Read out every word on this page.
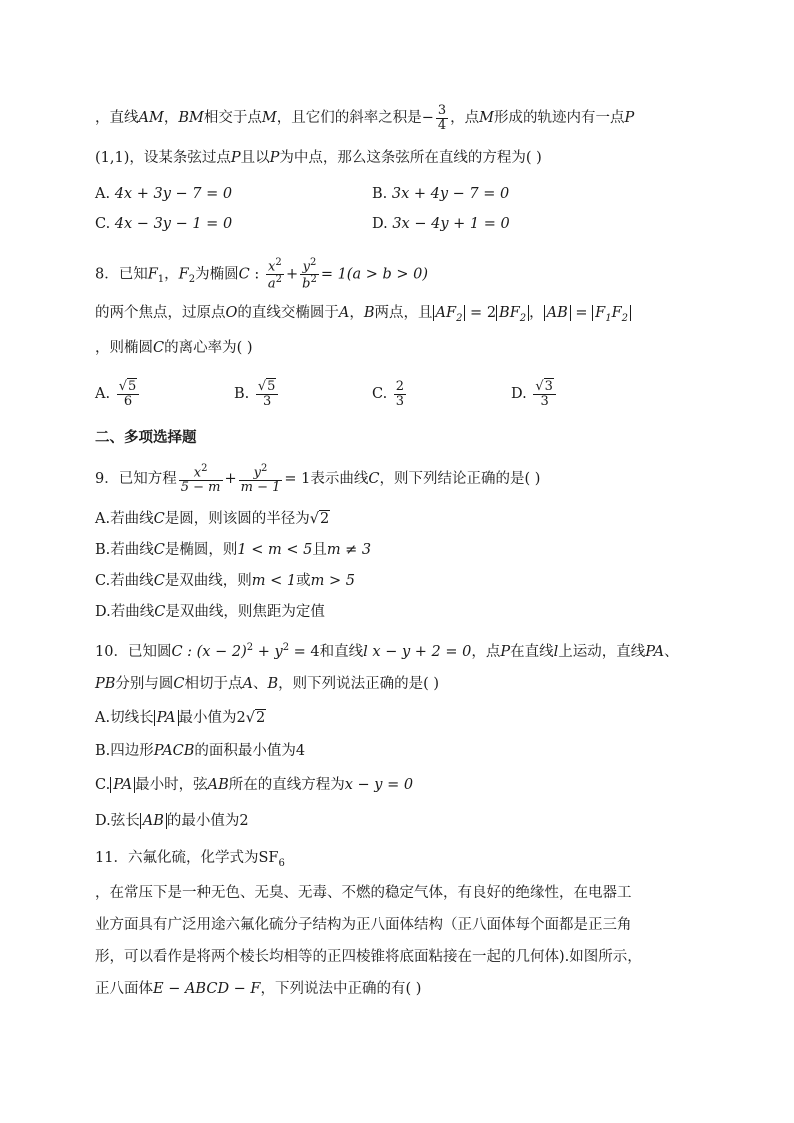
，直线AM，BM相交于点M，且它们的斜率之积是− $\frac{3}{4}$ ，点M形成的轨迹内有一点P
(1,1)，设某条弦过点P且以P为中点，那么这条弦所在直线的方程为( )
A. 4x + 3y − 7 = 0	B. 3x + 4y − 7 = 0
C. 4x − 3y − 1 = 0	D. 3x − 4y + 1 = 0
8．已知$F_1$，$F_2$为椭圆C : $\frac{x^2}{a^2} + \frac{y^2}{b^2} = 1(a > b > 0)$
的两个焦点，过原点O的直线交椭圆于A，B两点，且 $AF_2 = 2$ $BF_2$ ， AB = $F_1F_2$
，则椭圆C的离心率为( )
A. $\frac{√5}{6}$	B. $\frac{√5}{3}$	C. $\frac{2}{3}$	D. $\frac{√3}{3}$
二、多项选择题
9．已知方程 $\frac{x^2}{5 - m} + \frac{y^2}{m - 1} = 1$表示曲线C，则下列结论正确的是( )
A.若曲线C是圆，则该圆的半径为√2
B.若曲线C是椭圆，则1 < m < 5且m ≠ 3
C.若曲线C是双曲线，则m < 1或m > 5
D.若曲线C是双曲线，则焦距为定值
10．已知圆C : $(x - 2)^2 + y^2 = 4$和直线l x − y + 2 = 0，点P在直线l上运动，直线PA、
PB分别与圆C相切于点A、B，则下列说法正确的是( )
A.切线长 PA 最小值为2√2
B.四边形PACB的面积最小值为4
C. PA 最小时，弦AB所在的直线方程为x − y = 0
D.弦长 AB 的最小值为2
11．六氟化硫，化学式为$SF_6$
，在常压下是一种无色、无臭、无毒、不燃的稳定气体，有良好的绝缘性，在电器工
业方面具有广泛用途六氟化硫分子结构为正八面体结构（正八面体每个面都是正三角
形，可以看作是将两个棱长均相等的正四棱锥将底面粘接在一起的几何体).如图所示，
正八面体E − ABCD − F，下列说法中正确的有( )
